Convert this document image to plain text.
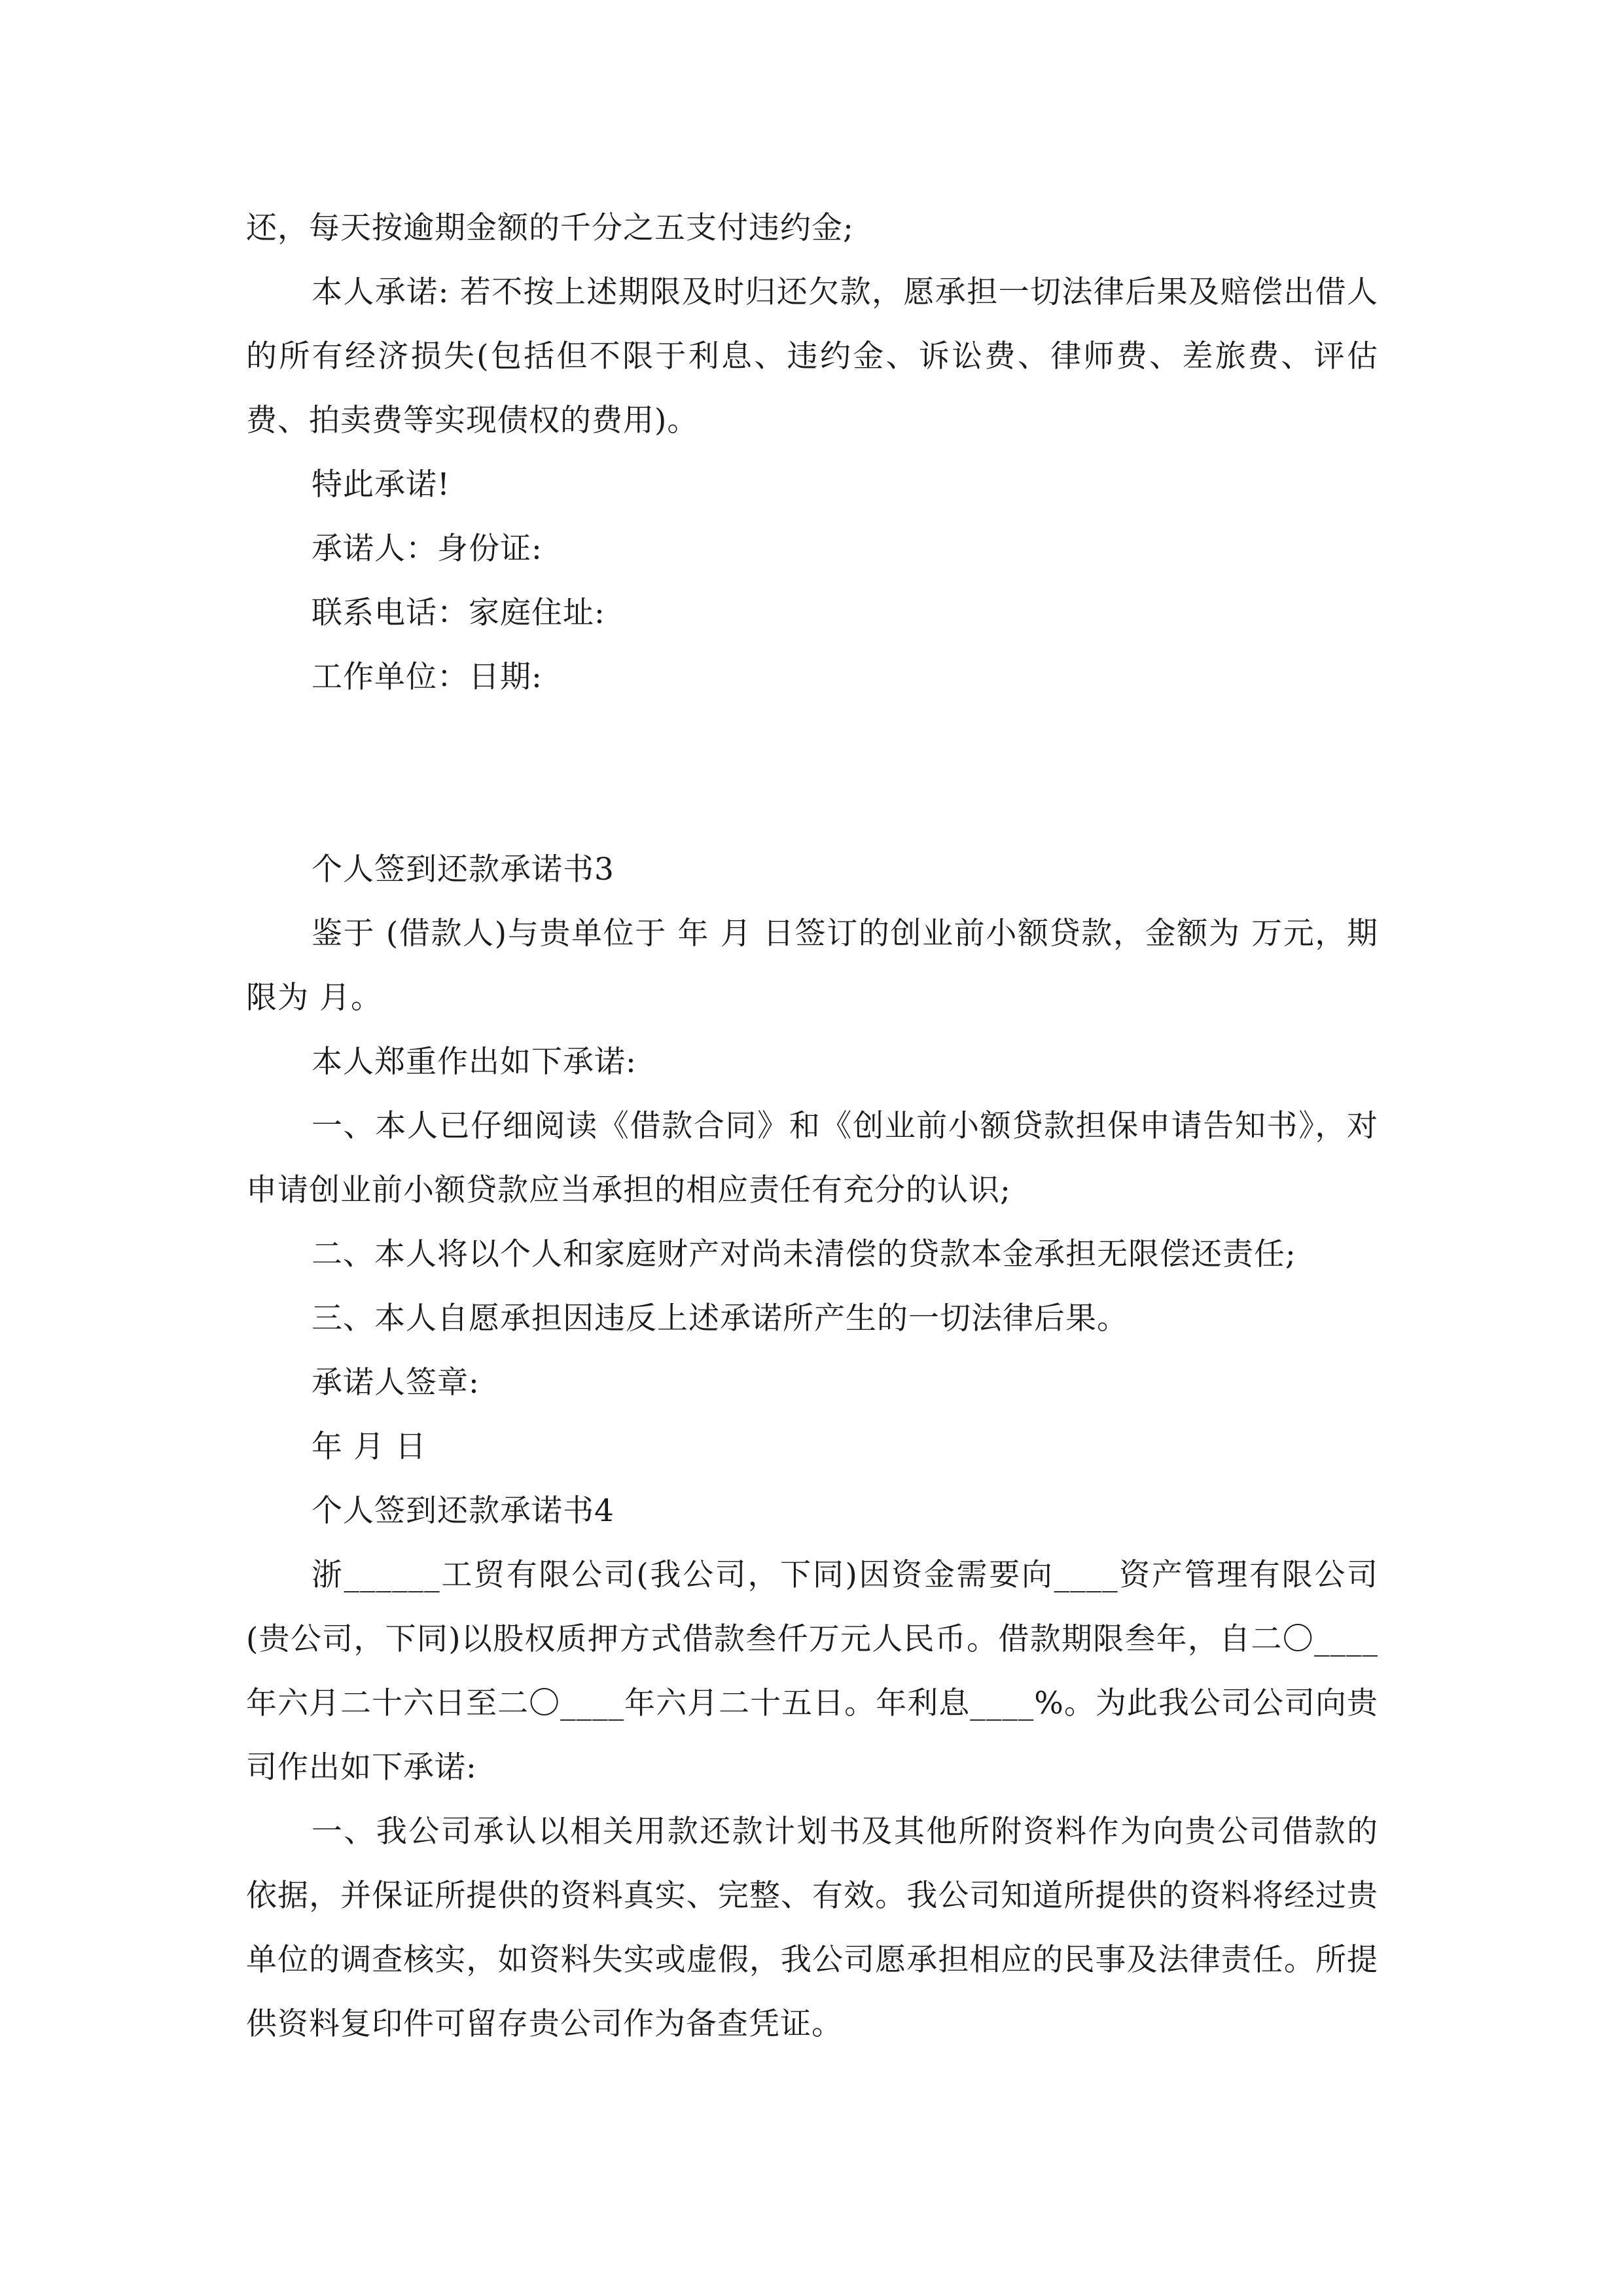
还，每天按逾期金额的千分之五支付违约金;

本人承诺: 若不按上述期限及时归还欠款，愿承担一切法律后果及赔偿出借人的所有经济损失(包括但不限于利息、违约金、诉讼费、律师费、差旅费、评估费、拍卖费等实现债权的费用)。

特此承诺!

承诺人：身份证:

联系电话：家庭住址:

工作单位：日期:

个人签到还款承诺书3

鉴于 (借款人)与贵单位于 年 月 日签订的创业前小额贷款，金额为 万元，期限为 月。

本人郑重作出如下承诺:

一、本人已仔细阅读《借款合同》和《创业前小额贷款担保申请告知书》，对申请创业前小额贷款应当承担的相应责任有充分的认识;

二、本人将以个人和家庭财产对尚未清偿的贷款本金承担无限偿还责任;

三、本人自愿承担因违反上述承诺所产生的一切法律后果。

承诺人签章:

年 月 日

个人签到还款承诺书4

浙______工贸有限公司(我公司，下同)因资金需要向____资产管理有限公司(贵公司，下同)以股权质押方式借款叁仟万元人民币。借款期限叁年，自二〇____年六月二十六日至二〇____年六月二十五日。年利息____%。为此我公司公司向贵司作出如下承诺:

一、我公司承认以相关用款还款计划书及其他所附资料作为向贵公司借款的依据，并保证所提供的资料真实、完整、有效。我公司知道所提供的资料将经过贵单位的调查核实，如资料失实或虚假，我公司愿承担相应的民事及法律责任。所提供资料复印件可留存贵公司作为备查凭证。
